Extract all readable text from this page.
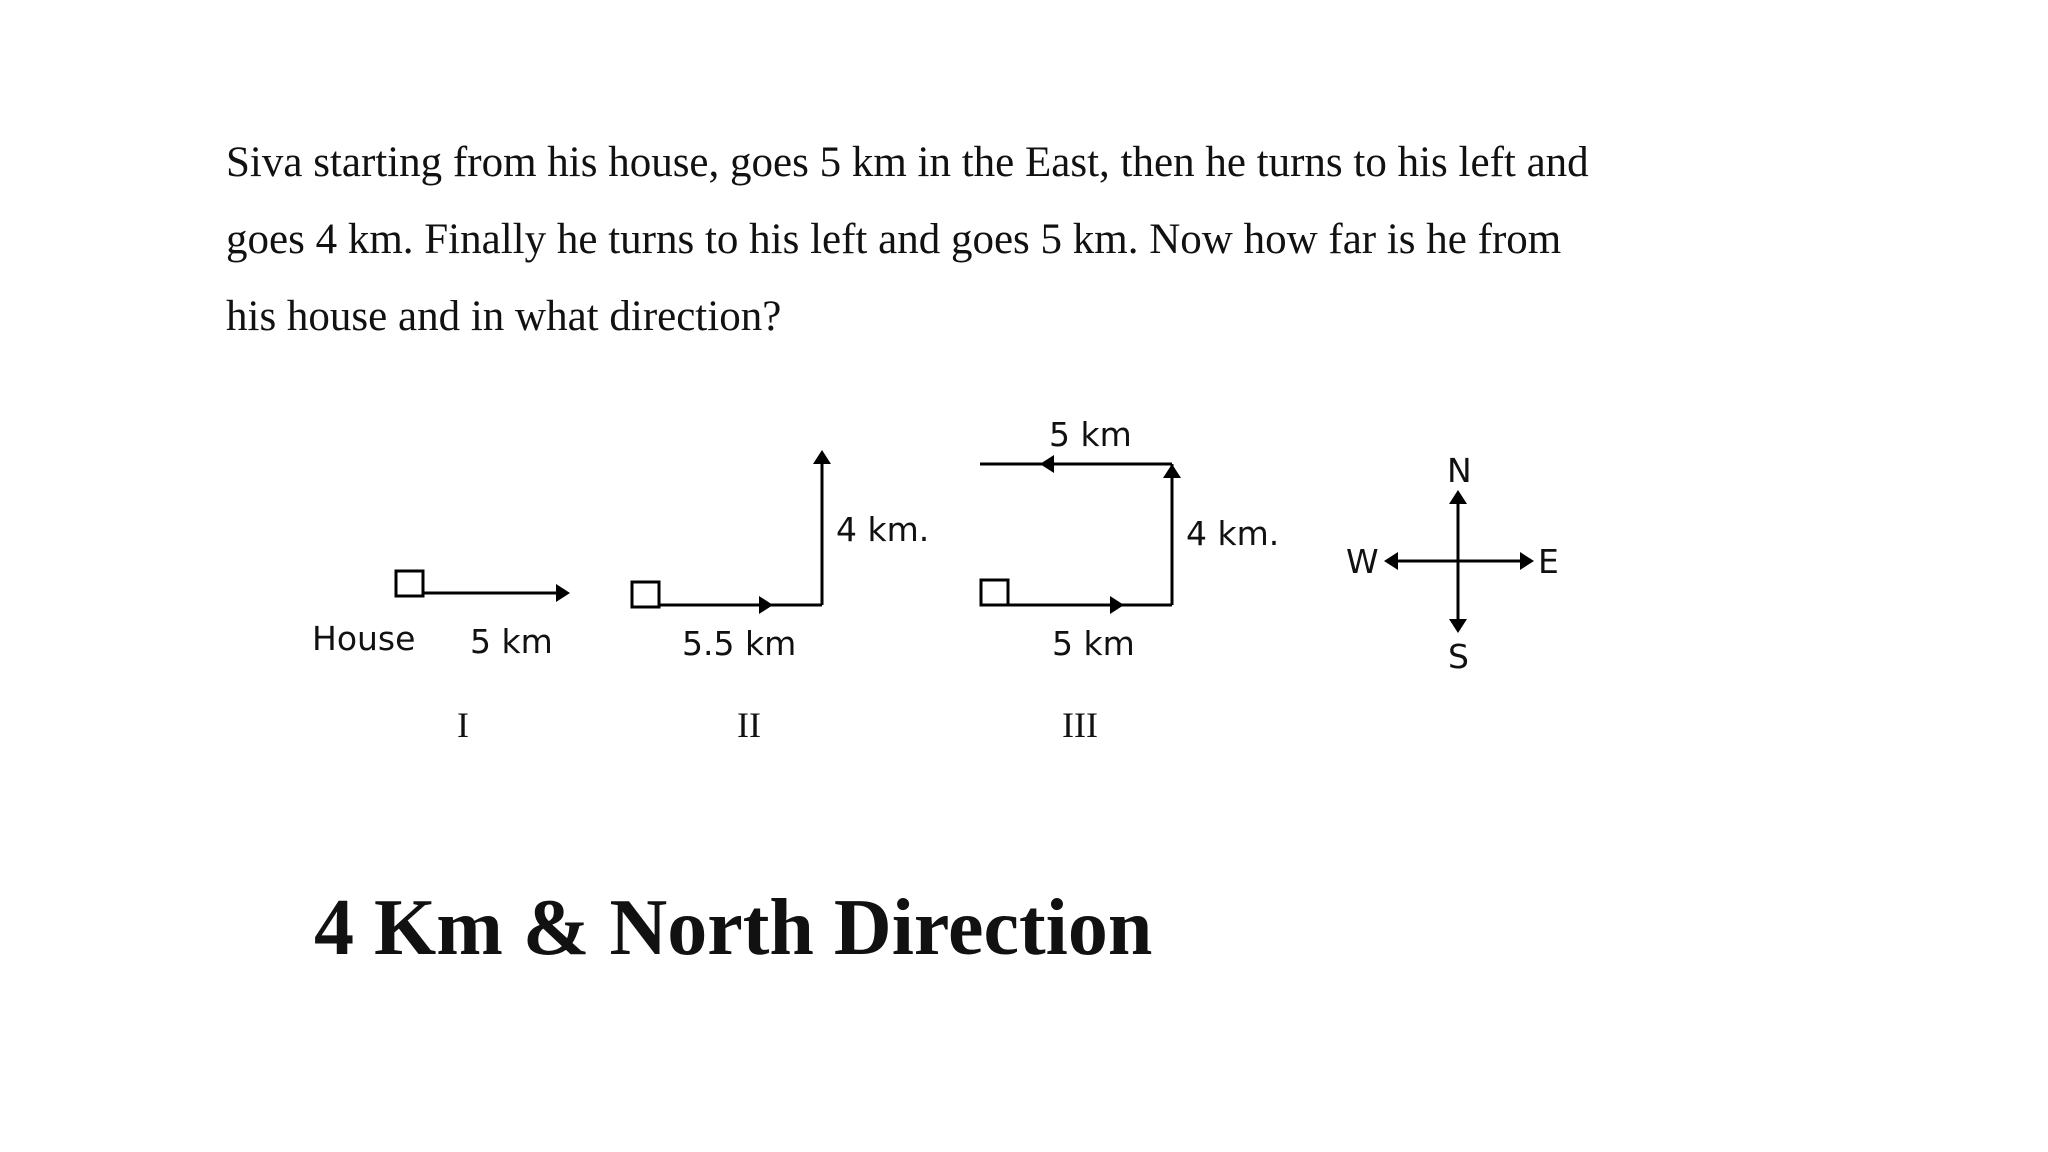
Siva starting from his house, goes 5 km in the East, then he turns to his left and
goes 4 km. Finally he turns to his left and goes 5 km. Now how far is he from
his house and in what direction?
House 5 km
I
5.5 km
4 km.
II
5 km
4 km.
5 km
III
N
S
E
W
4 Km & North Direction
